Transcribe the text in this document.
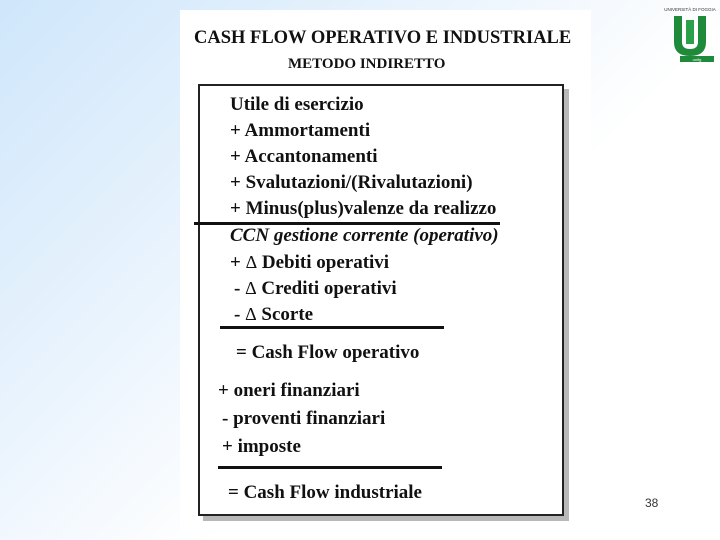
CASH FLOW OPERATIVO E INDUSTRIALE
METODO INDIRETTO
Utile di esercizio
+ Ammortamenti
+ Accantonamenti
+ Svalutazioni/(Rivalutazioni)
+ Minus(plus)valenze da realizzo
CCN gestione corrente (operativo)
+ Δ Debiti operativi
- Δ Crediti operativi
- Δ Scorte
= Cash Flow operativo
+ oneri finanziari
- proventi finanziari
+ imposte
= Cash Flow industriale
UNIVERSITÀ DI FOGGIA
unifg
38
